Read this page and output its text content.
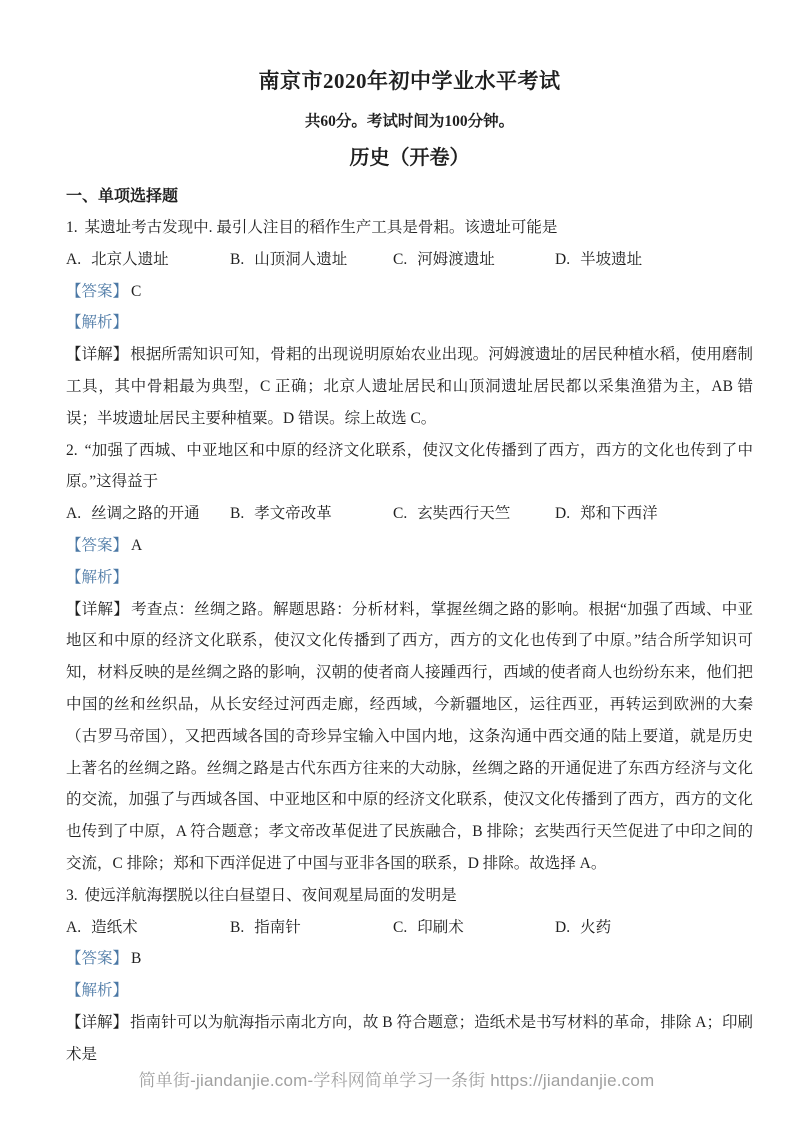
南京市2020年初中学业水平考试
共60分。考试时间为100分钟。
历史（开卷）
一、单项选择题
1. 某遗址考古发现中. 最引人注目的稻作生产工具是骨耜。该遗址可能是
A. 北京人遗址	B. 山顶洞人遗址	C. 河姆渡遗址	D. 半坡遗址
【答案】 C
【解析】
【详解】 根据所需知识可知，骨耜的出现说明原始农业出现。河姆渡遗址的居民种植水稻，使用磨制工具，其中骨耜最为典型，C 正确；北京人遗址居民和山顶洞遗址居民都以采集渔猎为主，AB 错误；半坡遗址居民主要种植粟。D 错误。综上故选 C。
2. “加强了西城、中亚地区和中原的经济文化联系，使汉文化传播到了西方，西方的文化也传到了中原。”这得益于
A. 丝调之路的开通	B. 孝文帝改革	C. 玄奘西行天竺	D. 郑和下西洋
【答案】 A
【解析】
【详解】 考查点：丝绸之路。解题思路：分析材料，掌握丝绸之路的影响。根据“加强了西域、中亚地区和中原的经济文化联系，使汉文化传播到了西方，西方的文化也传到了中原。”结合所学知识可知，材料反映的是丝绸之路的影响，汉朝的使者商人接踵西行，西域的使者商人也纷纷东来，他们把中国的丝和丝织品，从长安经过河西走廊，经西域，今新疆地区，运往西亚，再转运到欧洲的大秦（古罗马帝国），又把西域各国的奇珍异宝输入中国内地，这条沟通中西交通的陆上要道，就是历史上著名的丝绸之路。丝绸之路是古代东西方往来的大动脉，丝绸之路的开通促进了东西方经济与文化的交流，加强了与西域各国、中亚地区和中原的经济文化联系，使汉文化传播到了西方，西方的文化也传到了中原，A 符合题意；孝文帝改革促进了民族融合，B 排除；玄奘西行天竺促进了中印之间的交流，C 排除；郑和下西洋促进了中国与亚非各国的联系，D 排除。故选择 A。
3. 使远洋航海摆脱以往白昼望日、夜间观星局面的发明是
A. 造纸术	B. 指南针	C. 印刷术	D. 火药
【答案】 B
【解析】
【详解】 指南针可以为航海指示南北方向，故 B 符合题意；造纸术是书写材料的革命，排除 A；印刷术是
简单街-jiandanjie.com-学科网简单学习一条街 https://jiandanjie.com
